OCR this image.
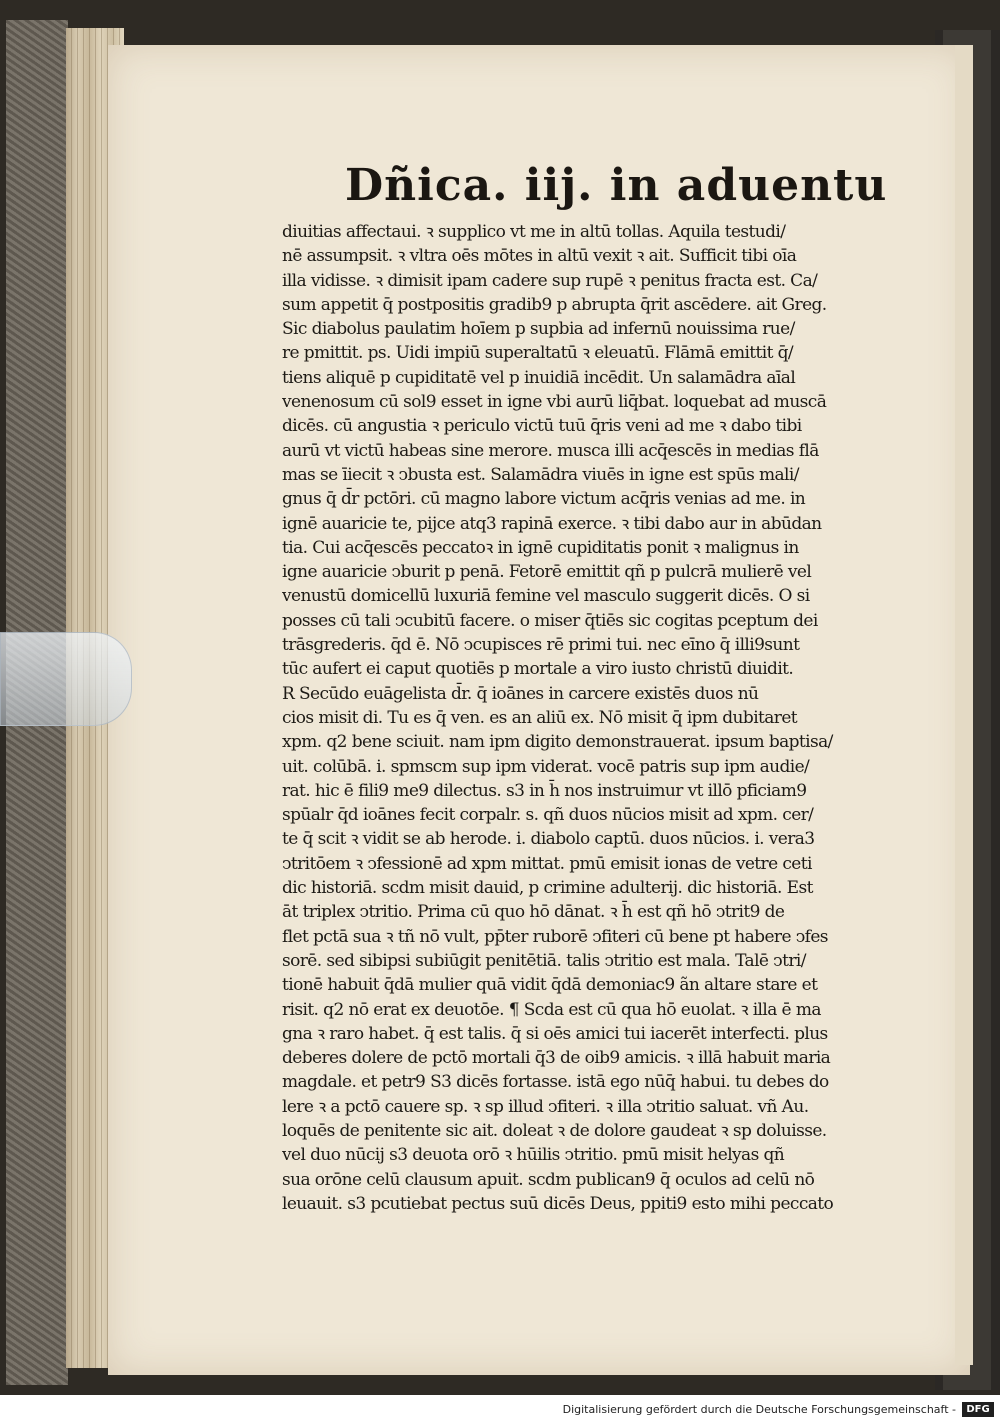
Dñica. iij. in aduentu
diuitias affectaui. ꝛ supplico vt me in altū tollas. Aquila testudi/
nē assumpsit. ꝛ vltra oēs mōtes in altū vexit ꝛ ait. Sufficit tibi oīa
illa vidisse. ꝛ dimisit ipam cadere sup rupē ꝛ penitus fracta est. Ca/
sum appetit q̄ postpositis gradib9 p abrupta q̄rit ascēdere. ait Greg.
Sic diabolus paulatim hoīem p supbia ad infernū nouissima rue/
re pmittit. ps. Uidi impiū superaltatū ꝛ eleuatū. Flāmā emittit q̄/
tiens aliquē p cupiditatē vel p inuidiā incēdit. Un salamādra aīal
venenosum cū sol9 esset in igne vbi aurū liq̄bat. loquebat ad muscā
dicēs. cū angustia ꝛ periculo victū tuū q̄ris veni ad me ꝛ dabo tibi
aurū vt victū habeas sine merore. musca illi acq̄escēs in medias flā
mas se īiecit ꝛ ↄbusta est. Salamādra viuēs in igne est spūs mali/
gnus q̄ d̄r pctōri. cū magno labore victum acq̄ris venias ad me. in
ignē auaricie te, pijce atq3 rapinā exerce. ꝛ tibi dabo aur in abūdan
tia. Cui acq̄escēs peccatoꝛ in ignē cupiditatis ponit ꝛ malignus in
igne auaricie ↄburit p penā. Fetorē emittit qñ p pulcrā mulierē vel
venustū domicellū luxuriā femine vel masculo suggerit dicēs. O si
posses cū tali ↄcubitū facere. o miser q̄tiēs sic cogitas pceptum dei
trāsgrederis. q̄d ē. Nō ↄcupisces rē primi tui. nec eīno q̄ illi9sunt
tūc aufert ei caput quotiēs p mortale a viro iusto christū diuidit.
R Secūdo euāgelista d̄r. q̄ ioānes in carcere existēs duos nū
cios misit di. Tu es q̄ ven. es an aliū ex. Nō misit q̄ ipm dubitaret
xpm. q2 bene sciuit. nam ipm digito demonstrauerat. ipsum baptisa/
uit. colūbā. i. spmscm sup ipm viderat. vocē patris sup ipm audie/
rat. hic ē fili9 me9 dilectus. s3 in h̄ nos instruimur vt illō pficiam9
spūalr q̄d ioānes fecit corpalr. s. qñ duos nūcios misit ad xpm. cer/
te q̄ scit ꝛ vidit se ab herode. i. diabolo captū. duos nūcios. i. vera3
ↄtritōem ꝛ ↄfessionē ad xpm mittat. pmū emisit ionas de vetre ceti
dic historiā. scdm misit dauid, p crimine adulterij. dic historiā. Est
āt triplex ↄtritio. Prima cū quo hō dānat. ꝛ h̄ est qñ hō ↄtrit9 de
flet pctā sua ꝛ tñ nō vult, pp̄ter ruborē ↄfiteri cū bene pt habere ↄfes
sorē. sed sibipsi subiūgit penitētiā. talis ↄtritio est mala. Talē ↄtri/
tionē habuit q̄dā mulier quā vidit q̄dā demoniac9 ãn altare stare et
risit. q2 nō erat ex deuotōe. ¶ Scda est cū qua hō euolat. ꝛ illa ē ma
gna ꝛ raro habet. q̄ est talis. q̄ si oēs amici tui iacerēt interfecti. plus
deberes dolere de pctō mortali q̄3 de oib9 amicis. ꝛ illā habuit maria
magdale. et petr9 S3 dicēs fortasse. istā ego nūq̄ habui. tu debes do
lere ꝛ a pctō cauere sp. ꝛ sp illud ↄfiteri. ꝛ illa ↄtritio saluat. vñ Au.
loquēs de penitente sic ait. doleat ꝛ de dolore gaudeat ꝛ sp doluisse.
vel duo nūcij s3 deuota orō ꝛ hūilis ↄtritio. pmū misit helyas qñ
sua orōne celū clausum apuit. scdm publican9 q̄ oculos ad celū nō
leuauit. s3 pcutiebat pectus suū dicēs Deus, ppiti9 esto mihi peccato
Digitalisierung gefördert durch die Deutsche Forschungsgemeinschaft -	DFG
